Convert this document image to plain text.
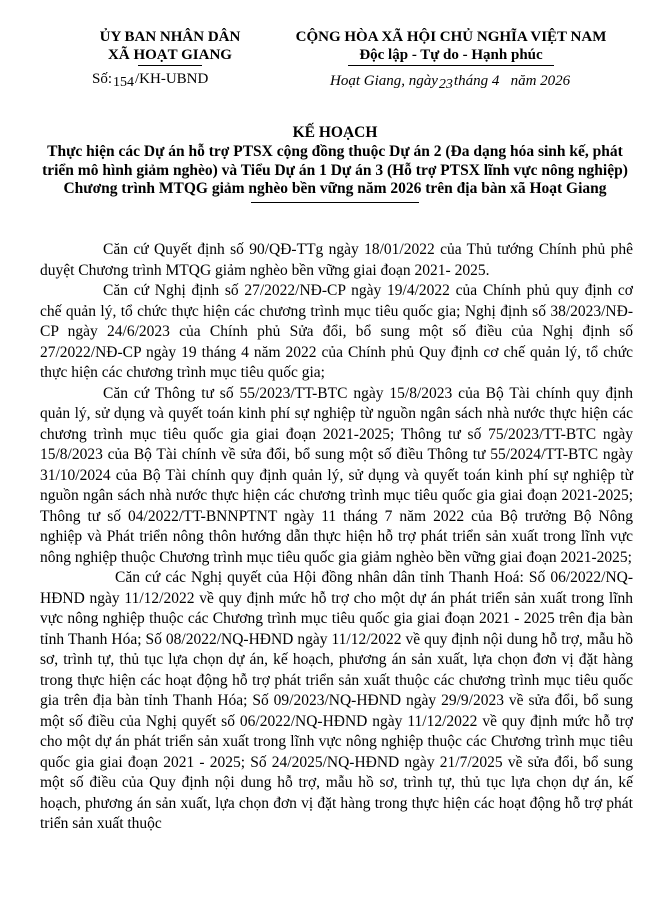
ỦY BAN NHÂN DÂN
XÃ HOẠT GIANG
CỘNG HÒA XÃ HỘI CHỦ NGHĨA VIỆT NAM
Độc lập - Tự do - Hạnh phúc
Số:154/KH-UBND	Hoạt Giang, ngày23tháng 4   năm 2026
KẾ HOẠCH
Thực hiện các Dự án hỗ trợ PTSX cộng đồng thuộc Dự án 2 (Đa dạng hóa sinh kế, phát triển mô hình giảm nghèo) và Tiểu Dự án 1 Dự án 3 (Hỗ trợ PTSX lĩnh vực nông nghiệp) Chương trình MTQG giảm nghèo bền vững năm 2026 trên địa bàn xã Hoạt Giang

Căn cứ Quyết định số 90/QĐ-TTg ngày 18/01/2022 của Thủ tướng Chính phủ phê duyệt Chương trình MTQG giảm nghèo bền vững giai đoạn 2021- 2025.

Căn cứ Nghị định số 27/2022/NĐ-CP ngày 19/4/2022 của Chính phủ quy định cơ chế quản lý, tổ chức thực hiện các chương trình mục tiêu quốc gia; Nghị định số 38/2023/NĐ-CP ngày 24/6/2023 của Chính phủ Sửa đổi, bổ sung một số điều của Nghị định số 27/2022/NĐ-CP ngày 19 tháng 4 năm 2022 của Chính phủ Quy định cơ chế quản lý, tổ chức thực hiện các chương trình mục tiêu quốc gia;

Căn cứ Thông tư số 55/2023/TT-BTC ngày 15/8/2023 của Bộ Tài chính quy định quản lý, sử dụng và quyết toán kinh phí sự nghiệp từ nguồn ngân sách nhà nước thực hiện các chương trình mục tiêu quốc gia giai đoạn 2021-2025; Thông tư số 75/2023/TT-BTC ngày 15/8/2023 của Bộ Tài chính về sửa đổi, bổ sung một số điều Thông tư 55/2024/TT-BTC ngày 31/10/2024 của Bộ Tài chính quy định quản lý, sử dụng và quyết toán kinh phí sự nghiệp từ nguồn ngân sách nhà nước thực hiện các chương trình mục tiêu quốc gia giai đoạn 2021-2025; Thông tư số 04/2022/TT-BNNPTNT ngày 11 tháng 7 năm 2022 của Bộ trưởng Bộ Nông nghiệp và Phát triển nông thôn hướng dẫn thực hiện hỗ trợ phát triển sản xuất trong lĩnh vực nông nghiệp thuộc Chương trình mục tiêu quốc gia giảm nghèo bền vững giai đoạn 2021-2025;

Căn cứ các Nghị quyết của Hội đồng nhân dân tỉnh Thanh Hoá: Số 06/2022/NQ-HĐND ngày 11/12/2022 về quy định mức hỗ trợ cho một dự án phát triển sản xuất trong lĩnh vực nông nghiệp thuộc các Chương trình mục tiêu quốc gia giai đoạn 2021 - 2025 trên địa bàn tỉnh Thanh Hóa; Số 08/2022/NQ-HĐND ngày 11/12/2022 về quy định nội dung hỗ trợ, mẫu hồ sơ, trình tự, thủ tục lựa chọn dự án, kế hoạch, phương án sản xuất, lựa chọn đơn vị đặt hàng trong thực hiện các hoạt động hỗ trợ phát triển sản xuất thuộc các chương trình mục tiêu quốc gia trên địa bàn tỉnh Thanh Hóa; Số 09/2023/NQ-HĐND ngày 29/9/2023 về sửa đổi, bổ sung một số điều của Nghị quyết số 06/2022/NQ-HĐND ngày 11/12/2022 về quy định mức hỗ trợ cho một dự án phát triển sản xuất trong lĩnh vực nông nghiệp thuộc các Chương trình mục tiêu quốc gia giai đoạn 2021 - 2025; Số 24/2025/NQ-HĐND ngày 21/7/2025 về sửa đổi, bổ sung một số điều của Quy định nội dung hỗ trợ, mẫu hồ sơ, trình tự, thủ tục lựa chọn dự án, kế hoạch, phương án sản xuất, lựa chọn đơn vị đặt hàng trong thực hiện các hoạt động hỗ trợ phát triển sản xuất thuộc
